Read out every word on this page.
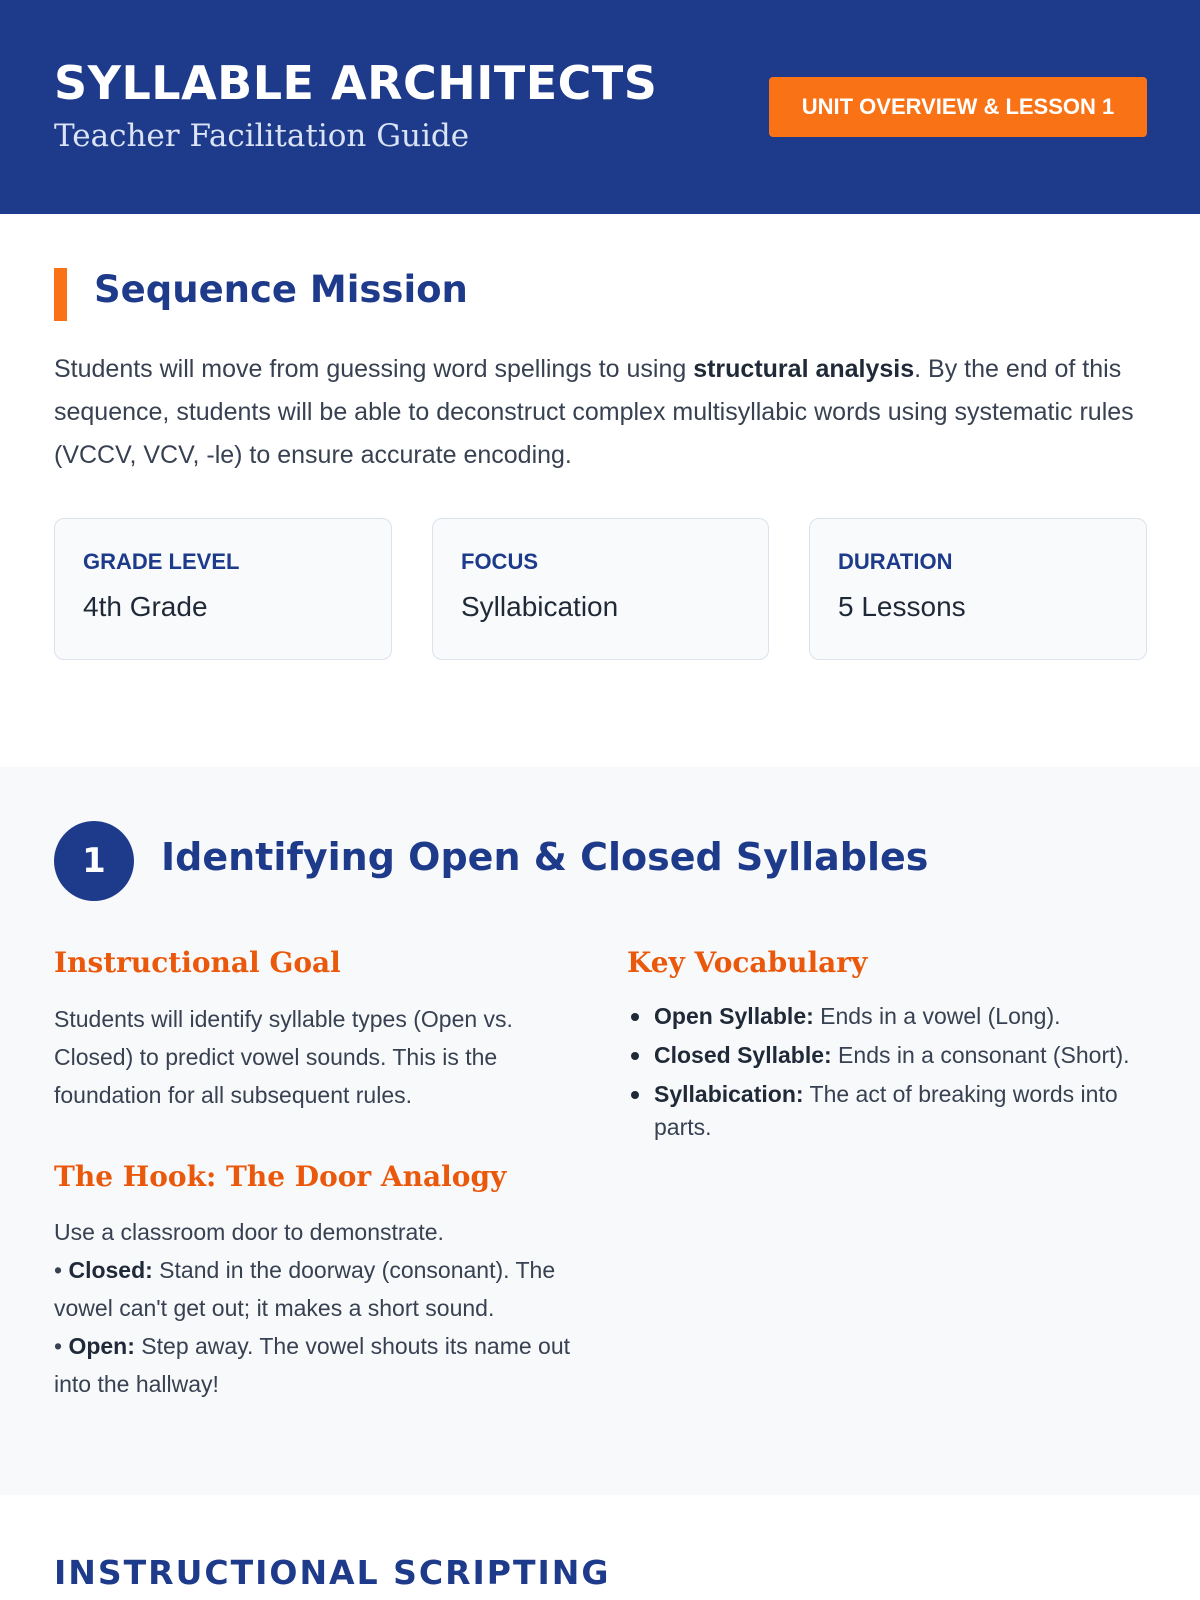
SYLLABLE ARCHITECTS
Teacher Facilitation Guide
UNIT OVERVIEW & LESSON 1
Sequence Mission

Students will move from guessing word spellings to using structural analysis. By the end of this sequence, students will be able to deconstruct complex multisyllabic words using systematic rules (VCCV, VCV, -le) to ensure accurate encoding.

GRADE LEVEL
4th Grade
FOCUS
Syllabication
DURATION
5 Lessons
1	Identifying Open & Closed Syllables
Instructional Goal

Students will identify syllable types (Open vs. Closed) to predict vowel sounds. This is the foundation for all subsequent rules.

The Hook: The Door Analogy
Use a classroom door to demonstrate.
• Closed: Stand in the doorway (consonant). The vowel can't get out; it makes a short sound.
• Open: Step away. The vowel shouts its name out into the hallway!
Key Vocabulary
Open Syllable: Ends in a vowel (Long).
Closed Syllable: Ends in a consonant (Short).
Syllabication: The act of breaking words into parts.
INSTRUCTIONAL SCRIPTING
